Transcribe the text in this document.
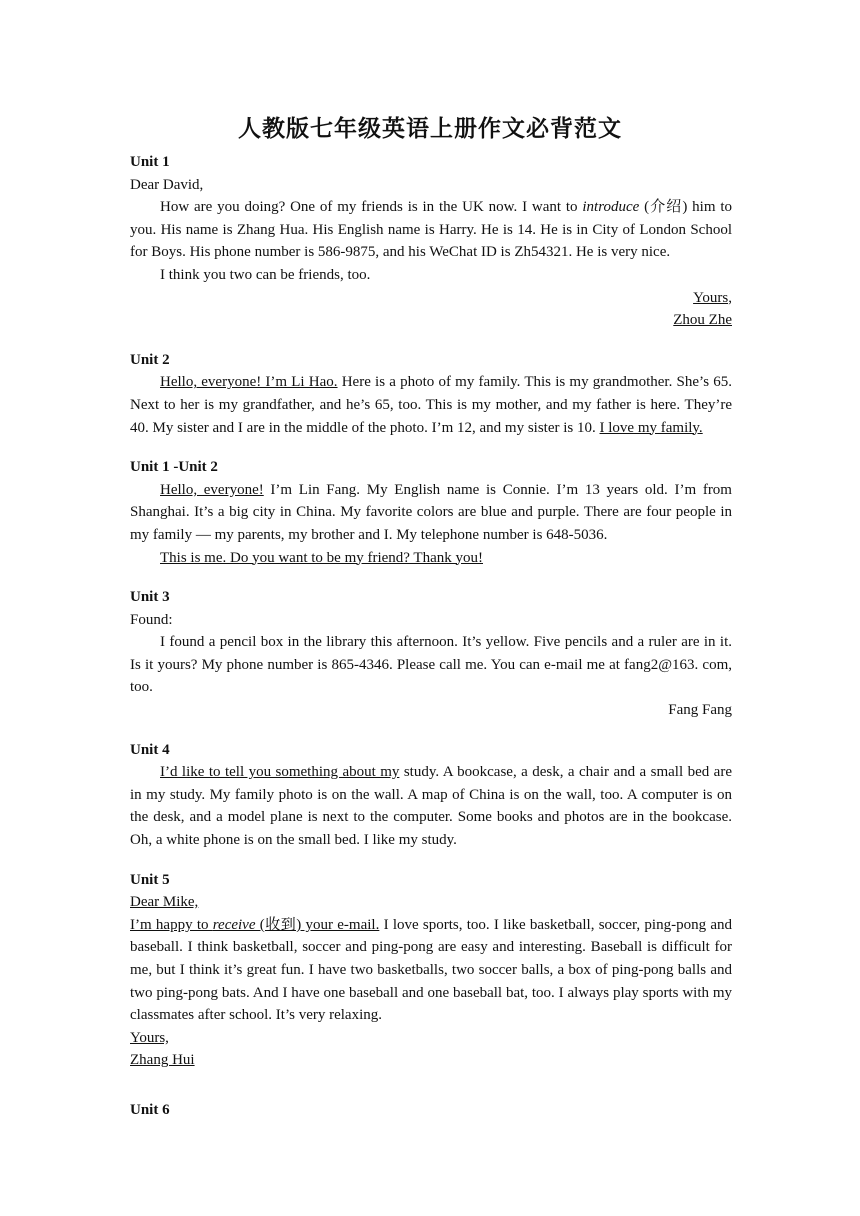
人教版七年级英语上册作文必背范文

Unit 1

Dear David,

How are you doing? One of my friends is in the UK now. I want to introduce (介绍) him to you. His name is Zhang Hua. His English name is Harry. He is 14. He is in City of London School for Boys. His phone number is 586-9875, and his WeChat ID is Zh54321. He is very nice.

I think you two can be friends, too.

Yours,

Zhou Zhe

Unit 2

Hello, everyone! I’m Li Hao. Here is a photo of my family. This is my grandmother. She’s 65. Next to her is my grandfather, and he’s 65, too. This is my mother, and my father is here. They’re 40. My sister and I are in the middle of the photo. I’m 12, and my sister is 10. I love my family.

Unit 1 -Unit 2

Hello, everyone! I’m Lin Fang. My English name is Connie. I’m 13 years old. I’m from Shanghai. It’s a big city in China. My favorite colors are blue and purple. There are four people in my family — my parents, my brother and I. My telephone number is 648-5036.

This is me. Do you want to be my friend? Thank you!

Unit 3

Found:

I found a pencil box in the library this afternoon. It’s yellow. Five pencils and a ruler are in it. Is it yours? My phone number is 865-4346. Please call me. You can e-mail me at fang2@163. com, too.

Fang Fang

Unit 4

I’d like to tell you something about my study. A bookcase, a desk, a chair and a small bed are in my study. My family photo is on the wall. A map of China is on the wall, too. A computer is on the desk, and a model plane is next to the computer. Some books and photos are in the bookcase. Oh, a white phone is on the small bed. I like my study.

Unit 5

Dear Mike,

I’m happy to receive (收到) your e-mail. I love sports, too. I like basketball, soccer, ping-pong and baseball. I think basketball, soccer and ping-pong are easy and interesting. Baseball is difficult for me, but I think it’s great fun. I have two basketballs, two soccer balls, a box of ping-pong balls and two ping-pong bats. And I have one baseball and one baseball bat, too. I always play sports with my classmates after school. It’s very relaxing.

Yours,

Zhang Hui

Unit 6
